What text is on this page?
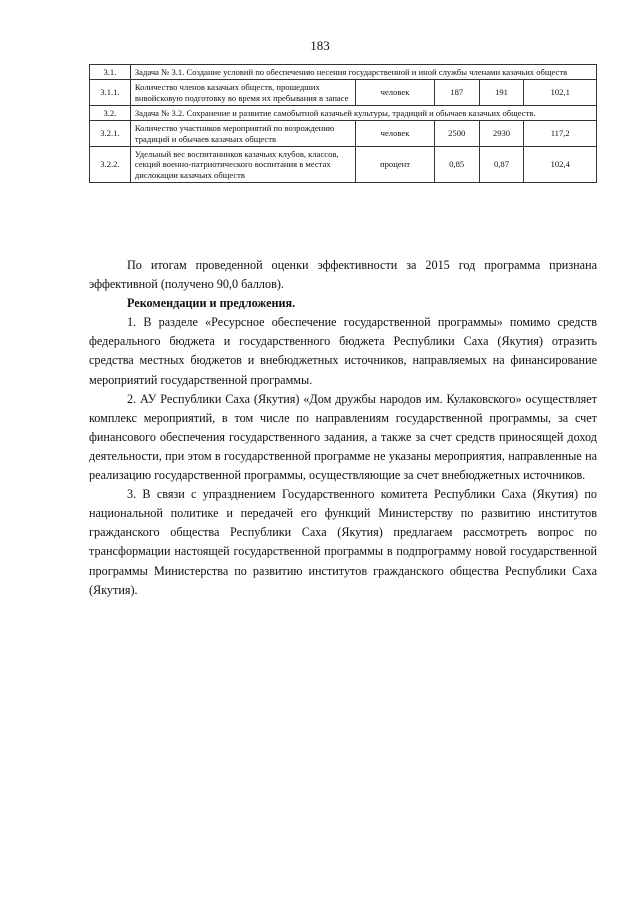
183
3.1.	Задача № 3.1. Создание условий по обеспечению несения государственной и иной службы членами казачьих обществ				
3.1.1.	Количество членов казачьих обществ, прошедших внвойсковую подготовку во время их пребывания в запасе	человек	187	191	102,1
3.2.	Задача № 3.2. Сохранение и развитие самобытной казачьей культуры, традиций и обычаев казачьих обществ.				
3.2.1.	Количество участников мероприятий по возрождению традиций и обычаев казачьих обществ	человек	2500	2930	117,2
3.2.2.	Удельный вес воспитанников казачьих клубов, классов, секций военно-патриотического воспитания в местах дислокации казачьих обществ	процент	0,85	0,87	102,4

По итогам проведенной оценки эффективности за 2015 год программа признана эффективной (получено 90,0 баллов).

Рекомендации и предложения.

1. В разделе «Ресурсное обеспечение государственной программы» помимо средств федерального бюджета и государственного бюджета Республики Саха (Якутия) отразить средства местных бюджетов и внебюджетных источников, направляемых на финансирование мероприятий государственной программы.

2. АУ Республики Саха (Якутия) «Дом дружбы народов им. Кулаковского» осуществляет комплекс мероприятий, в том числе по направлениям государственной программы, за счет финансового обеспечения государственного задания, а также за счет средств приносящей доход деятельности, при этом в государственной программе не указаны мероприятия, направленные на реализацию государственной программы, осуществляющие за счет внебюджетных источников.

3. В связи с упразднением Государственного комитета Республики Саха (Якутия) по национальной политике и передачей его функций Министерству по развитию институтов гражданского общества Республики Саха (Якутия) предлагаем рассмотреть вопрос по трансформации настоящей государственной программы в подпрограмму новой государственной программы Министерства по развитию институтов гражданского общества Республики Саха (Якутия).
